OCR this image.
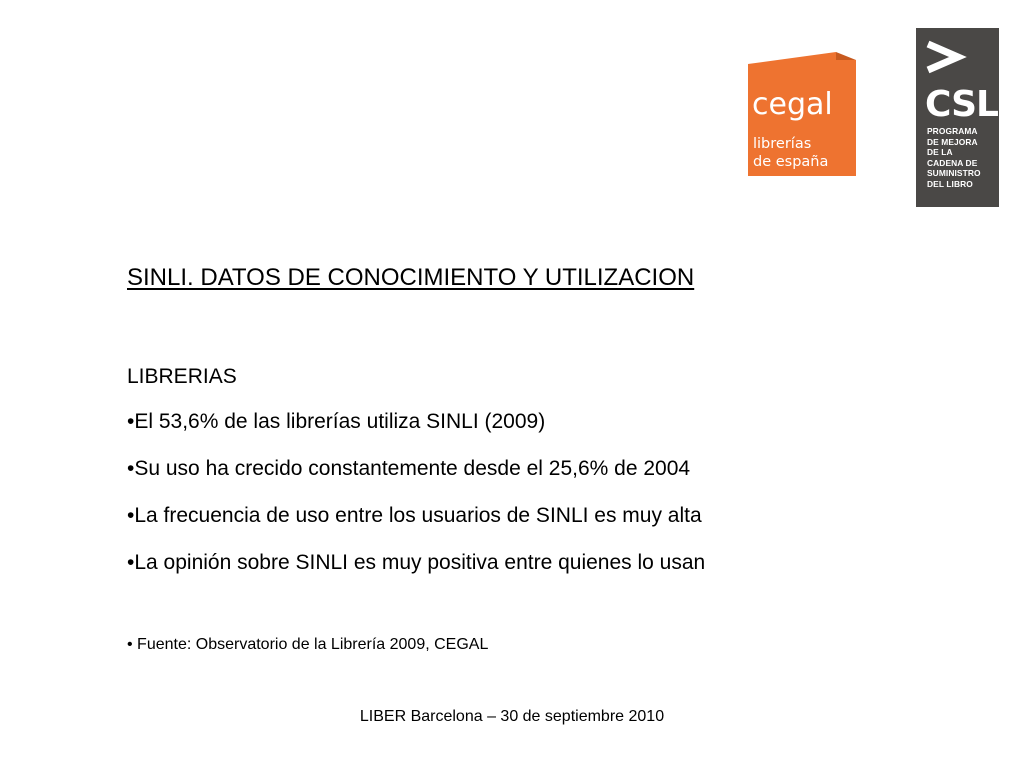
cegal
librerías
de españa
CSL
PROGRAMA
DE MEJORA
DE LA
CADENA DE
SUMINISTRO
DEL LIBRO
SINLI. DATOS DE CONOCIMIENTO Y UTILIZACION
LIBRERIAS
•El 53,6% de las librerías utiliza SINLI (2009)
•Su uso ha crecido constantemente desde el 25,6% de 2004
•La frecuencia de uso entre los usuarios de SINLI es muy alta
•La opinión sobre SINLI es muy positiva entre quienes lo usan
• Fuente: Observatorio de la Librería 2009, CEGAL
LIBER Barcelona – 30 de septiembre 2010
